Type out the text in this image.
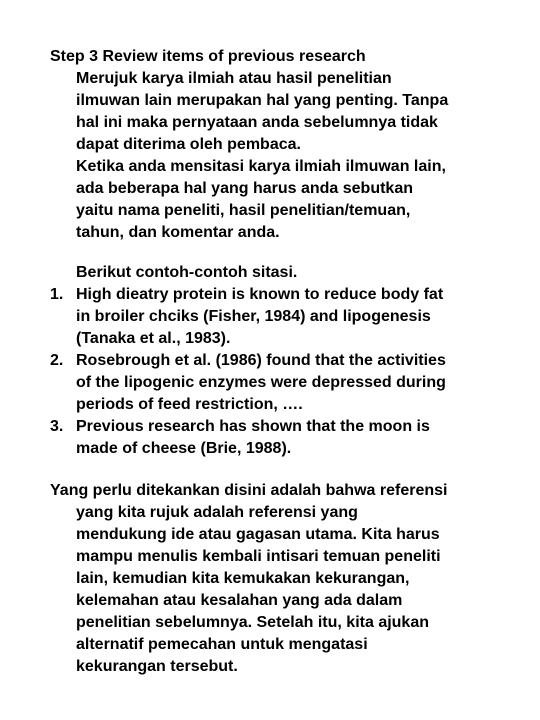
Step 3 Review items of previous research
Merujuk karya ilmiah atau hasil penelitian
ilmuwan lain merupakan hal yang penting. Tanpa
hal ini maka pernyataan anda sebelumnya tidak
dapat diterima oleh pembaca.
Ketika anda mensitasi karya ilmiah ilmuwan lain,
ada beberapa hal yang harus anda sebutkan
yaitu nama peneliti, hasil penelitian/temuan,
tahun, dan komentar anda.
Berikut contoh-contoh sitasi.
1. High dieatry protein is known to reduce body fat
in broiler chciks (Fisher, 1984) and lipogenesis
(Tanaka et al., 1983).
2. Rosebrough et al. (1986) found that the activities
of the lipogenic enzymes were depressed during
periods of feed restriction, ….
3. Previous research has shown that the moon is
made of cheese (Brie, 1988).
Yang perlu ditekankan disini adalah bahwa referensi
yang kita rujuk adalah referensi yang
mendukung ide atau gagasan utama. Kita harus
mampu menulis kembali intisari temuan peneliti
lain, kemudian kita kemukakan kekurangan,
kelemahan atau kesalahan yang ada dalam
penelitian sebelumnya. Setelah itu, kita ajukan
alternatif pemecahan untuk mengatasi
kekurangan tersebut.
